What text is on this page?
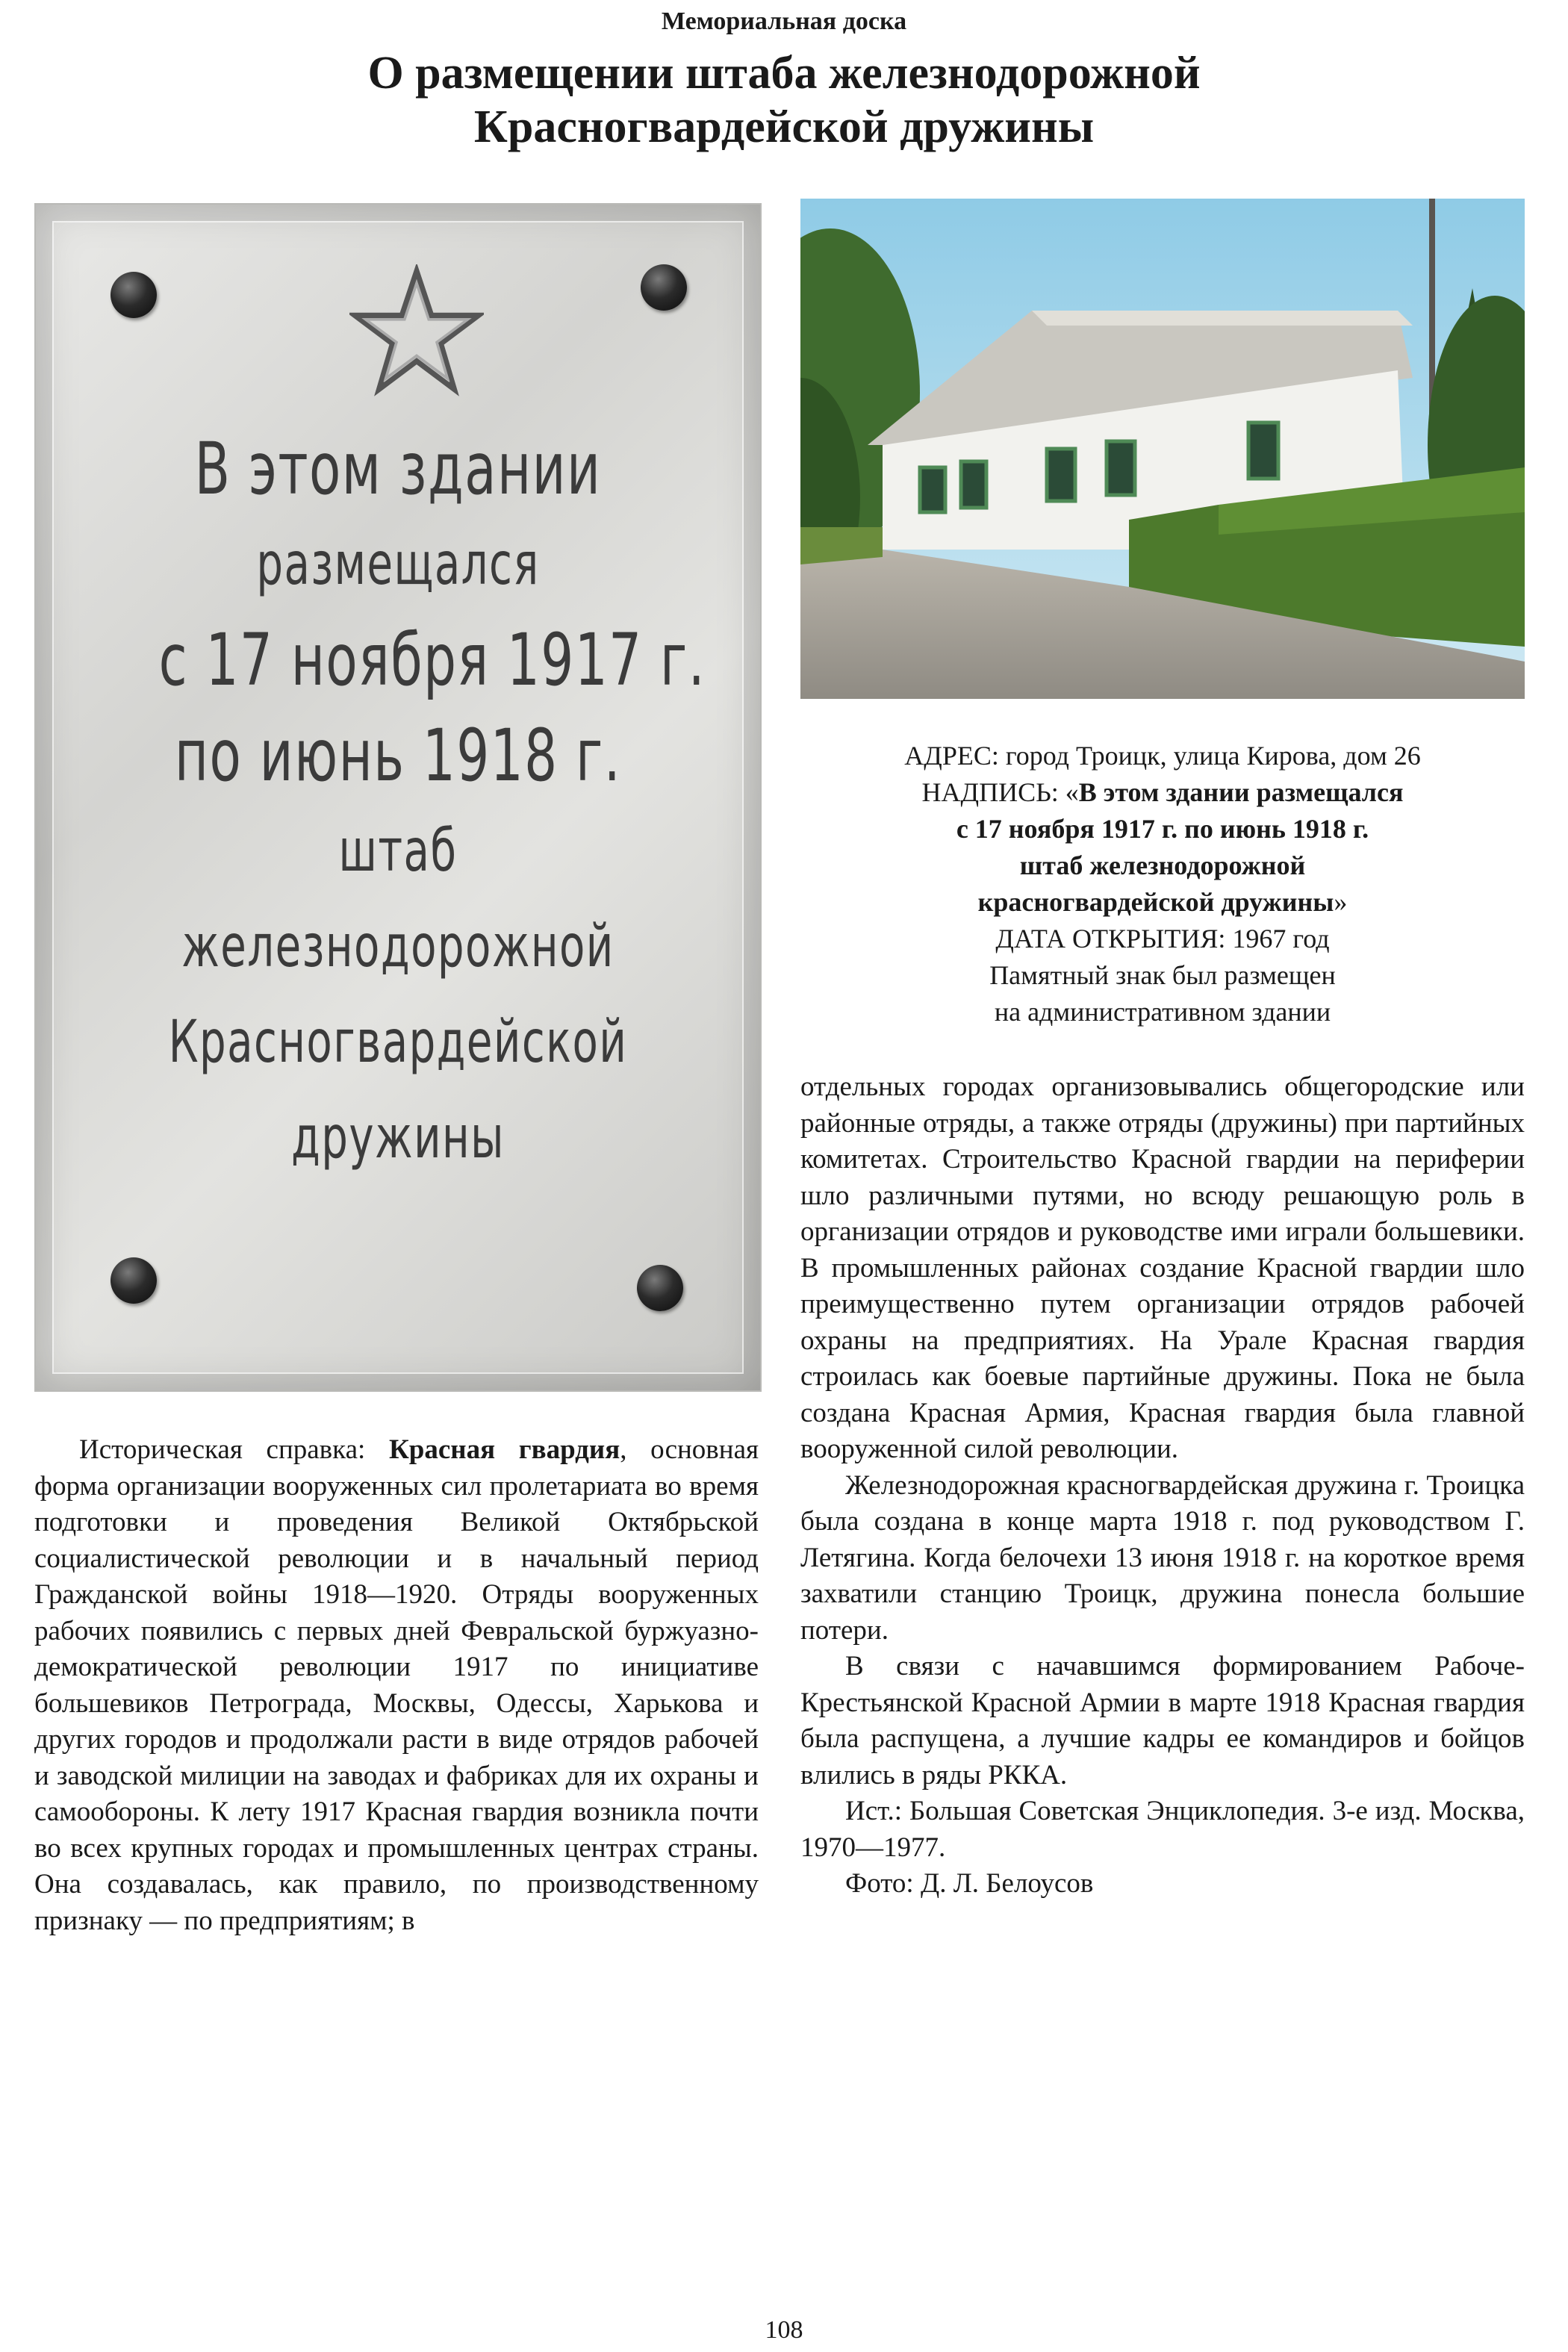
Мемориальная доска
О размещении штаба железнодорожной
Красногвардейской дружины
В этом здании
размещался
с 17 ноября 1917 г.
по июнь 1918 г.
штаб
железнодорожной
Красногвардейской
дружины
АДРЕС: город Троицк, улица Кирова, дом 26
НАДПИСЬ: «В этом здании размещался
с 17 ноября 1917 г. по июнь 1918 г.
штаб железнодорожной
красногвардейской дружины»
ДАТА ОТКРЫТИЯ: 1967 год
Памятный знак был размещен
на административном здании

Историческая справка: Красная гвардия, основная форма организации вооруженных сил пролетариата во время подготовки и проведения Великой Октябрьской социалистической революции и в начальный период Гражданской войны 1918—1920. Отряды вооруженных рабочих появились с первых дней Февральской буржуазно-демократической революции 1917 по инициативе большевиков Петрограда, Москвы, Одессы, Харькова и других городов и продолжали расти в виде отрядов рабочей и заводской милиции на заводах и фабриках для их охраны и самообороны. К лету 1917 Красная гвардия возникла почти во всех крупных городах и промышленных центрах страны. Она создавалась, как правило, по производственному признаку — по предприятиям; в

отдельных городах организовывались общегородские или районные отряды, а также отряды (дружины) при партийных комитетах. Строительство Красной гвардии на периферии шло различными путями, но всюду решающую роль в организации отрядов и руководстве ими играли большевики. В промышленных районах создание Красной гвардии шло преимущественно путем организации отрядов рабочей охраны на предприятиях. На Урале Красная гвардия строилась как боевые партийные дружины. Пока не была создана Красная Армия, Красная гвардия была главной вооруженной силой революции.

Железнодорожная красногвардейская дружина г. Троицка была создана в конце марта 1918 г. под руководством Г. Летягина. Когда белочехи 13 июня 1918 г. на короткое время захватили станцию Троицк, дружина понесла большие потери.

В связи с начавшимся формированием Рабоче-Крестьянской Красной Армии в марте 1918 Красная гвардия была распущена, а лучшие кадры ее командиров и бойцов влились в ряды РККА.

Ист.: Большая Советская Энциклопедия. 3-е изд. Москва, 1970—1977.

Фото: Д. Л. Белоусов

108
